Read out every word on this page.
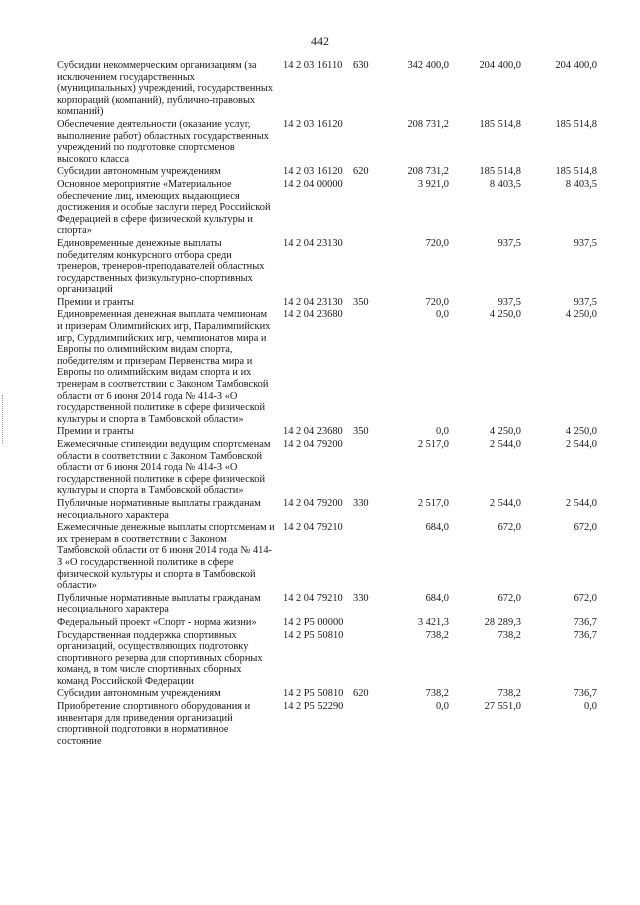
442
Субсидии некоммерческим организациям (за исключением государственных (муниципальных) учреждений, государственных корпораций (компаний), публично-правовых компаний)	14 2 03 16110	630	342 400,0	204 400,0	204 400,0
Обеспечение деятельности (оказание услуг, выполнение работ) областных государственных учреждений по подготовке спортсменов высокого класса	14 2 03 16120		208 731,2	185 514,8	185 514,8
Субсидии автономным учреждениям	14 2 03 16120	620	208 731,2	185 514,8	185 514,8
Основное мероприятие «Материальное обеспечение лиц, имеющих выдающиеся достижения и особые заслуги перед Российской Федерацией в сфере физической культуры и спорта»	14 2 04 00000		3 921,0	8 403,5	8 403,5
Единовременные денежные выплаты победителям конкурсного отбора среди тренеров, тренеров-преподавателей областных государственных физкультурно-спортивных организаций	14 2 04 23130		720,0	937,5	937,5
Премии и гранты	14 2 04 23130	350	720,0	937,5	937,5
Единовременная денежная выплата чемпионам и призерам Олимпийских игр, Паралимпийских игр, Сурдлимпийских игр, чемпионатов мира и Европы по олимпийским видам спорта, победителям и призерам Первенства мира и Европы по олимпийским видам спорта и их тренерам в соответствии с Законом Тамбовской области от 6 июня 2014 года № 414-З «О государственной политике в сфере физической культуры и спорта в Тамбовской области»	14 2 04 23680		0,0	4 250,0	4 250,0
Премии и гранты	14 2 04 23680	350	0,0	4 250,0	4 250,0
Ежемесячные стипендии ведущим спортсменам области в соответствии с Законом Тамбовской области от 6 июня 2014 года № 414-З «О государственной политике в сфере физической культуры и спорта в Тамбовской области»	14 2 04 79200		2 517,0	2 544,0	2 544,0
Публичные нормативные выплаты гражданам несоциального характера	14 2 04 79200	330	2 517,0	2 544,0	2 544,0
Ежемесячные денежные выплаты спортсменам и их тренерам в соответствии с Законом Тамбовской области от 6 июня 2014 года № 414-З «О государственной политике в сфере физической культуры и спорта в Тамбовской области»	14 2 04 79210		684,0	672,0	672,0
Публичные нормативные выплаты гражданам несоциального характера	14 2 04 79210	330	684,0	672,0	672,0
Федеральный проект «Спорт - норма жизни»	14 2 P5 00000		3 421,3	28 289,3	736,7
Государственная поддержка спортивных организаций, осуществляющих подготовку спортивного резерва для спортивных сборных команд, в том числе спортивных сборных команд Российской Федерации	14 2 P5 50810		738,2	738,2	736,7
Субсидии автономным учреждениям	14 2 P5 50810	620	738,2	738,2	736,7
Приобретение спортивного оборудования и инвентаря для приведения организаций спортивной подготовки в нормативное состояние	14 2 P5 52290		0,0	27 551,0	0,0
